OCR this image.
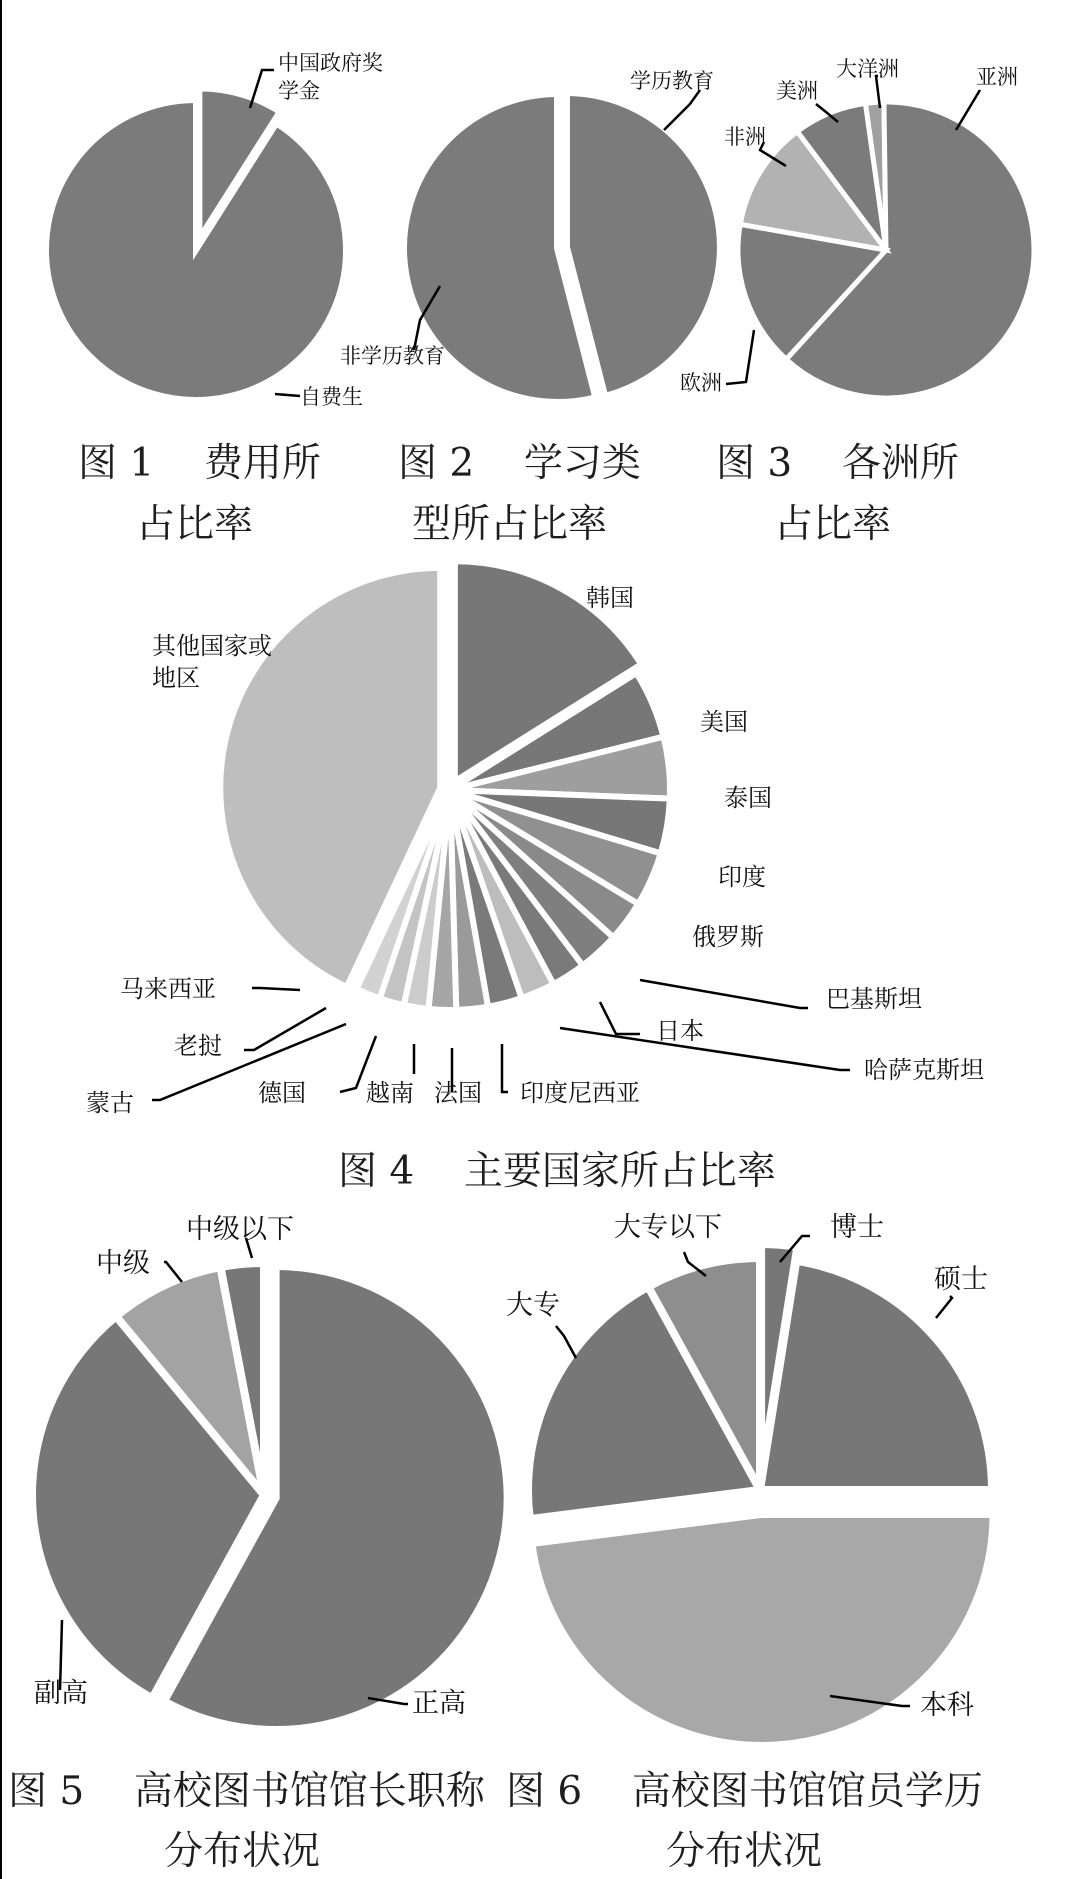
中国政府奖学金
自费生
学历教育
非学历教育
大洋洲	亚洲
欧洲
非洲
美洲
韩国
美国
泰国
印度
俄罗斯
巴基斯坦
日本
哈萨克斯坦
印度尼西亚
法国
越南
德国
蒙古
老挝
马来西亚
其他国家或地区
正高
副高
中级
中级以下	博士
硕士
本科
大专
大专以下
图 1 费用所
占比率
图 2 学习类
型所占比率
图 3 各洲所
占比率
图 4 主要国家所占比率
图 5 高校图书馆馆长职称
分布状况
图 6 高校图书馆馆员学历
分布状况
